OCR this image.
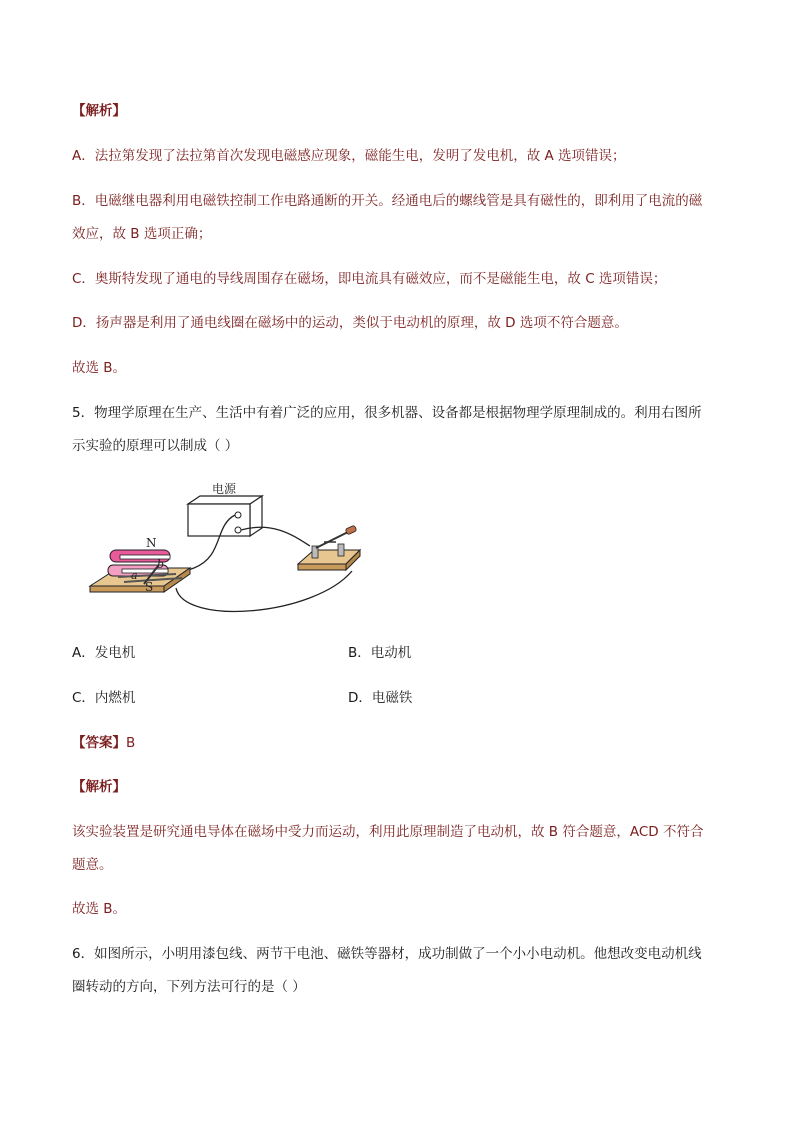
【解析】
A．法拉第发现了法拉第首次发现电磁感应现象，磁能生电，发明了发电机，故 A 选项错误；
B．电磁继电器利用电磁铁控制工作电路通断的开关。经通电后的螺线管是具有磁性的，即利用了电流的磁
效应，故 B 选项正确；
C．奥斯特发现了通电的导线周围存在磁场，即电流具有磁效应，而不是磁能生电，故 C 选项错误；
D．扬声器是利用了通电线圈在磁场中的运动，类似于电动机的原理，故 D 选项不符合题意。
故选 B。
5．物理学原理在生产、生活中有着广泛的应用，很多机器、设备都是根据物理学原理制成的。利用右图所
示实验的原理可以制成（ ）
电源
N
S
a
b
A．发电机	B．电动机
C．内燃机	D．电磁铁
【答案】B
【解析】
该实验装置是研究通电导体在磁场中受力而运动，利用此原理制造了电动机，故 B 符合题意，ACD 不符合
题意。
故选 B。
6．如图所示，小明用漆包线、两节干电池、磁铁等器材，成功制做了一个小小电动机。他想改变电动机线
圈转动的方向，下列方法可行的是（ ）
